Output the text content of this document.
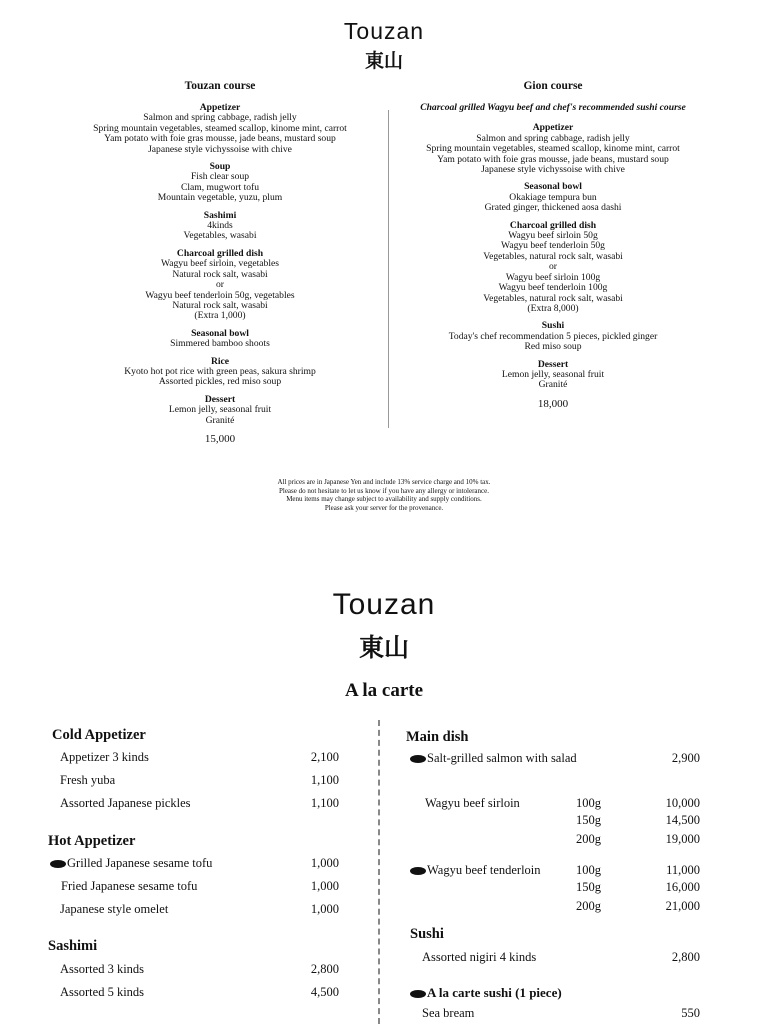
Touzan
東山
Touzan course
Appetizer
Salmon and spring cabbage, radish jelly
Spring mountain vegetables, steamed scallop, kinome mint, carrot
Yam potato with foie gras mousse, jade beans, mustard soup
Japanese style vichyssoise with chive
Soup
Fish clear soup
Clam, mugwort tofu
Mountain vegetable, yuzu, plum
Sashimi
4kinds
Vegetables, wasabi
Charcoal grilled dish
Wagyu beef sirloin, vegetables
Natural rock salt, wasabi
or
Wagyu beef tenderloin 50g, vegetables
Natural rock salt, wasabi
(Extra 1,000)
Seasonal bowl
Simmered bamboo shoots
Rice
Kyoto hot pot rice with green peas, sakura shrimp
Assorted pickles, red miso soup
Dessert
Lemon jelly, seasonal fruit
Granité
15,000
Gion course
Charcoal grilled Wagyu beef and chef's recommended sushi course
Appetizer
Salmon and spring cabbage, radish jelly
Spring mountain vegetables, steamed scallop, kinome mint, carrot
Yam potato with foie gras mousse, jade beans, mustard soup
Japanese style vichyssoise with chive
Seasonal bowl
Okakiage tempura bun
Grated ginger, thickened aosa dashi
Charcoal grilled dish
Wagyu beef sirloin 50g
Wagyu beef tenderloin 50g
Vegetables, natural rock salt, wasabi
or
Wagyu beef sirloin 100g
Wagyu beef tenderloin 100g
Vegetables, natural rock salt, wasabi
(Extra 8,000)
Sushi
Today's chef recommendation 5 pieces, pickled ginger
Red miso soup
Dessert
Lemon jelly, seasonal fruit
Granité
18,000
All prices are in Japanese Yen and include 13% service charge and 10% tax.
Please do not hesitate to let us know if you have any allergy or intolerance.
Menu items may change subject to availability and supply conditions.
Please ask your server for the provenance.
Touzan
東山
A la carte
Cold Appetizer
Appetizer 3 kinds	2,100
Fresh yuba	1,100
Assorted Japanese pickles	1,100
Hot Appetizer
Grilled Japanese sesame tofu	1,000
Fried Japanese sesame tofu	1,000
Japanese style omelet	1,000
Sashimi
Assorted 3 kinds	2,800
Assorted 5 kinds	4,500
Main dish
Salt-grilled salmon with salad	2,900
Wagyu beef sirloin	100g	10,000
150g	14,500
200g	19,000
Wagyu beef tenderloin	100g	11,000
150g	16,000
200g	21,000
Sushi
Assorted nigiri 4 kinds	2,800
A la carte sushi (1 piece)
Sea bream	550
